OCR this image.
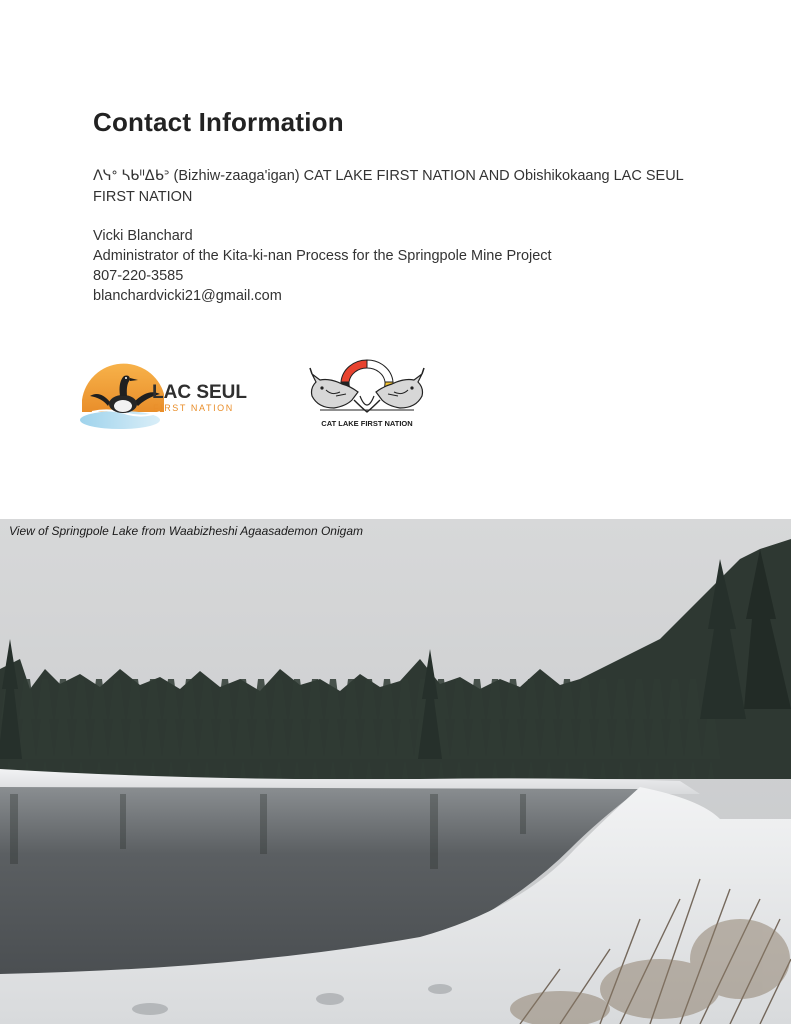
Contact Information

ᐱᓭᐤ ᓴᑲᐦᐃᑲᐣ (Bizhiw-zaaga'igan) CAT LAKE FIRST NATION AND Obishikokaang LAC SEUL FIRST NATION

Vicki Blanchard
Administrator of the Kita-ki-nan Process for the Springpole Mine Project
807-220-3585
blanchardvicki21@gmail.com
LAC SEUL
FIRST NATION
CAT LAKE FIRST NATION
View of Springpole Lake from Waabizheshi Agaasademon Onigam
